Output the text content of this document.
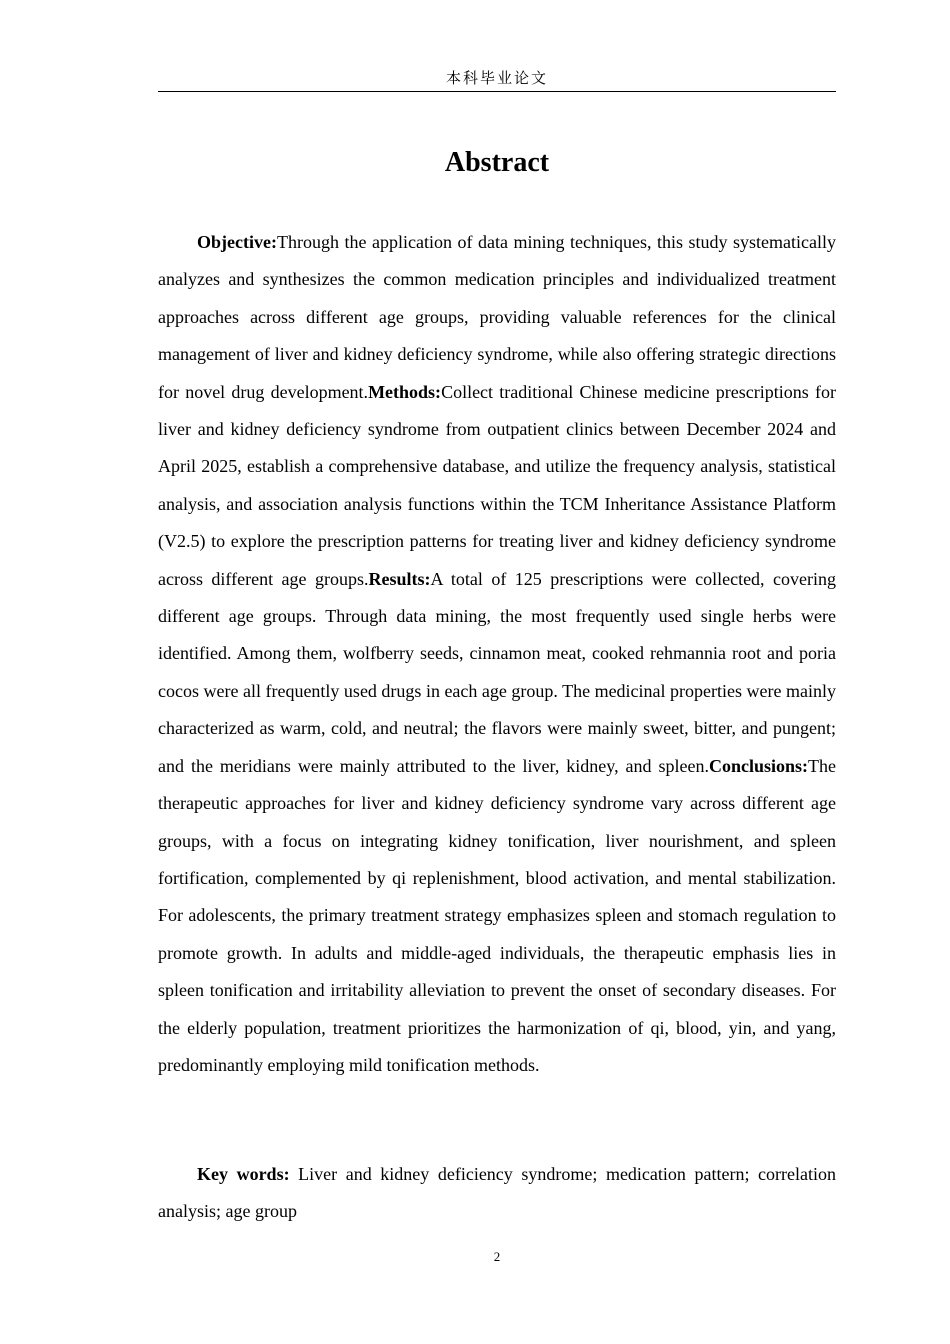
本科毕业论文
Abstract

Objective:Through the application of data mining techniques, this study systematically analyzes and synthesizes the common medication principles and individualized treatment approaches across different age groups, providing valuable references for the clinical management of liver and kidney deficiency syndrome, while also offering strategic directions for novel drug development.Methods:Collect traditional Chinese medicine prescriptions for liver and kidney deficiency syndrome from outpatient clinics between December 2024 and April 2025, establish a comprehensive database, and utilize the frequency analysis, statistical analysis, and association analysis functions within the TCM Inheritance Assistance Platform (V2.5) to explore the prescription patterns for treating liver and kidney deficiency syndrome across different age groups.Results:A total of 125 prescriptions were collected, covering different age groups. Through data mining, the most frequently used single herbs were identified. Among them, wolfberry seeds, cinnamon meat, cooked rehmannia root and poria cocos were all frequently used drugs in each age group. The medicinal properties were mainly characterized as warm, cold, and neutral; the flavors were mainly sweet, bitter, and pungent; and the meridians were mainly attributed to the liver, kidney, and spleen.Conclusions:The therapeutic approaches for liver and kidney deficiency syndrome vary across different age groups, with a focus on integrating kidney tonification, liver nourishment, and spleen fortification, complemented by qi replenishment, blood activation, and mental stabilization. For adolescents, the primary treatment strategy emphasizes spleen and stomach regulation to promote growth. In adults and middle-aged individuals, the therapeutic emphasis lies in spleen tonification and irritability alleviation to prevent the onset of secondary diseases. For the elderly population, treatment prioritizes the harmonization of qi, blood, yin, and yang, predominantly employing mild tonification methods.

Key words: Liver and kidney deficiency syndrome; medication pattern; correlation analysis; age group

2
